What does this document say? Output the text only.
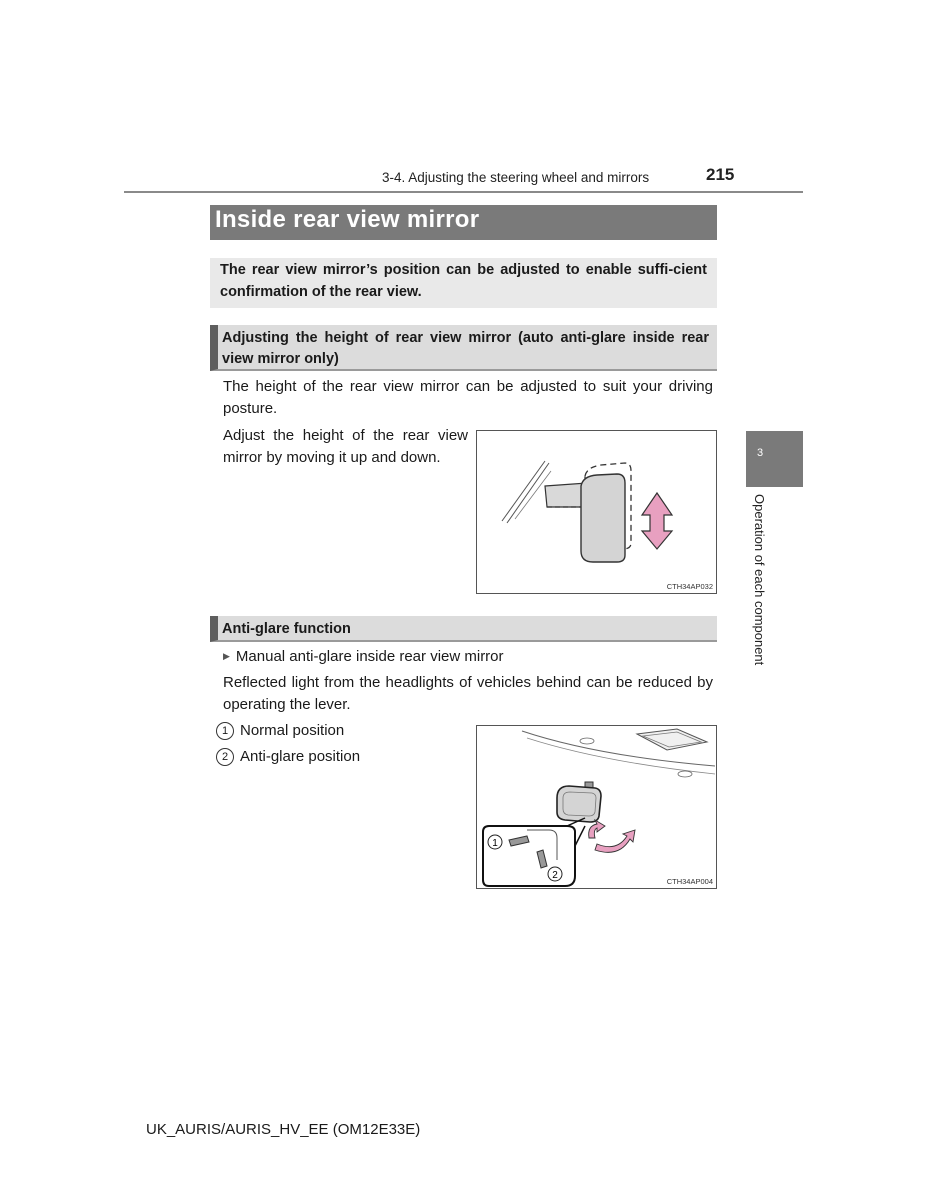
3-4. Adjusting the steering wheel and mirrors	215
Inside rear view mirror
The rear view mirror’s position can be adjusted to enable suffi-cient confirmation of the rear view.
Adjusting the height of rear view mirror (auto anti-glare inside rear view mirror only)
The height of the rear view mirror can be adjusted to suit your driving posture.
Adjust the height of the rear view mirror by moving it up and down.
CTH34AP032
Anti-glare function
▶ Manual anti-glare inside rear view mirror
Reflected light from the headlights of vehicles behind can be reduced by operating the lever.
1 Normal position
2 Anti-glare position
1
2
CTH34AP004
3
Operation of each component
UK_AURIS/AURIS_HV_EE (OM12E33E)
